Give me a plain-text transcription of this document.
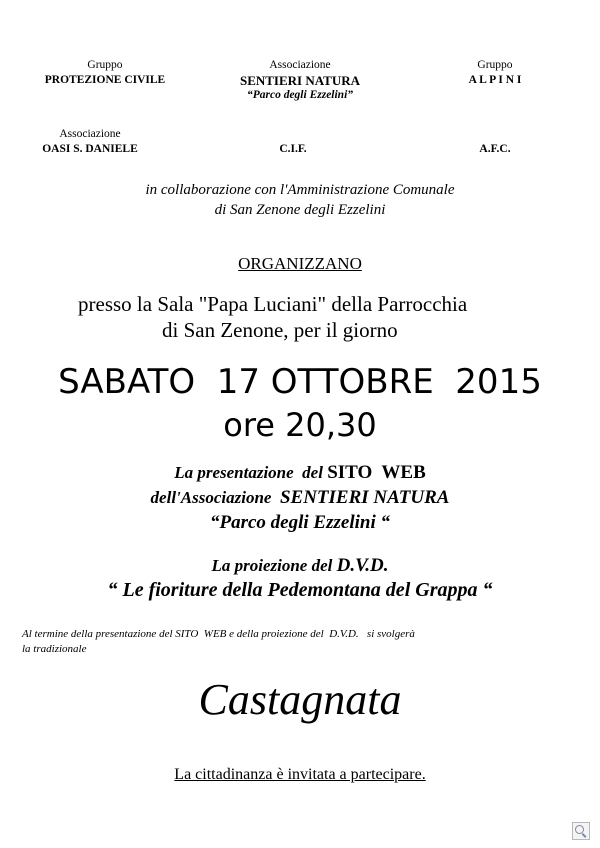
Gruppo
PROTEZIONE CIVILE
Associazione
SENTIERI NATURA
“Parco degli Ezzelini”
Gruppo
A L P I N I
Associazione
OASI S. DANIELE	C.I.F.	A.F.C.
in collaborazione con l'Amministrazione Comunale
di San Zenone degli Ezzelini
ORGANIZZANO
presso la Sala "Papa Luciani" della Parrocchia
di San Zenone, per il giorno
SABATO  17 OTTOBRE  2015
ore 20,30
La presentazione  del SITO  WEB
dell'Associazione  SENTIERI NATURA
“Parco degli Ezzelini “
La proiezione del D.V.D.
“ Le fioriture della Pedemontana del Grappa “
Al termine della presentazione del SITO  WEB e della proiezione del  D.V.D.   si svolgerà
la tradizionale
Castagnata
La cittadinanza è invitata a partecipare.
